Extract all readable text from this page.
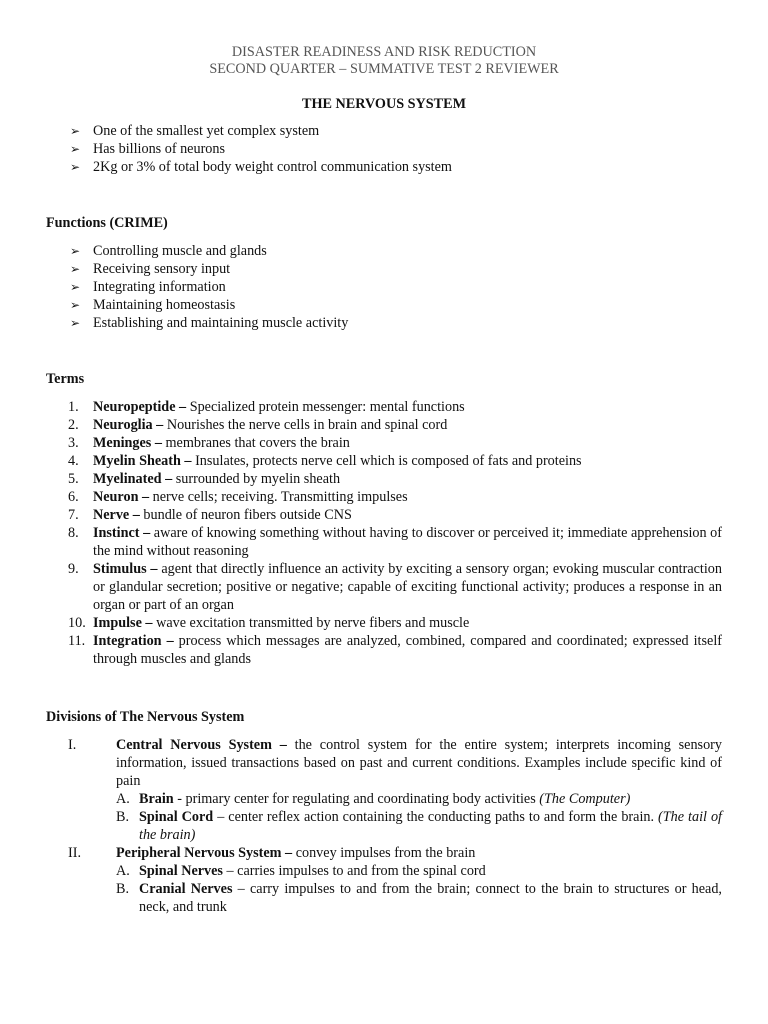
DISASTER READINESS AND RISK REDUCTION
SECOND QUARTER – SUMMATIVE TEST 2 REVIEWER
THE NERVOUS SYSTEM
➢ One of the smallest yet complex system
➢ Has billions of neurons
➢ 2Kg or 3% of total body weight control communication system
Functions (CRIME)
➢ Controlling muscle and glands
➢ Receiving sensory input
➢ Integrating information
➢ Maintaining homeostasis
➢ Establishing and maintaining muscle activity
Terms
1. Neuropeptide – Specialized protein messenger: mental functions
2. Neuroglia – Nourishes the nerve cells in brain and spinal cord
3. Meninges – membranes that covers the brain
4. Myelin Sheath – Insulates, protects nerve cell which is composed of fats and proteins
5. Myelinated – surrounded by myelin sheath
6. Neuron – nerve cells; receiving. Transmitting impulses
7. Nerve – bundle of neuron fibers outside CNS
8. Instinct – aware of knowing something without having to discover or perceived it; immediate apprehension of the mind without reasoning
9. Stimulus – agent that directly influence an activity by exciting a sensory organ; evoking muscular contraction or glandular secretion; positive or negative; capable of exciting functional activity; produces a response in an organ or part of an organ
10. Impulse – wave excitation transmitted by nerve fibers and muscle
11. Integration – process which messages are analyzed, combined, compared and coordinated; expressed itself through muscles and glands
Divisions of The Nervous System
I.	Central Nervous System – the control system for the entire system; interprets incoming sensory information, issued transactions based on past and current conditions. Examples include specific kind of pain
A. Brain - primary center for regulating and coordinating body activities (The Computer)
B. Spinal Cord – center reflex action containing the conducting paths to and form the brain. (The tail of the brain)
II. Peripheral Nervous System – convey impulses from the brain
A. Spinal Nerves – carries impulses to and from the spinal cord
B. Cranial Nerves – carry impulses to and from the brain; connect to the brain to structures or head, neck, and trunk
